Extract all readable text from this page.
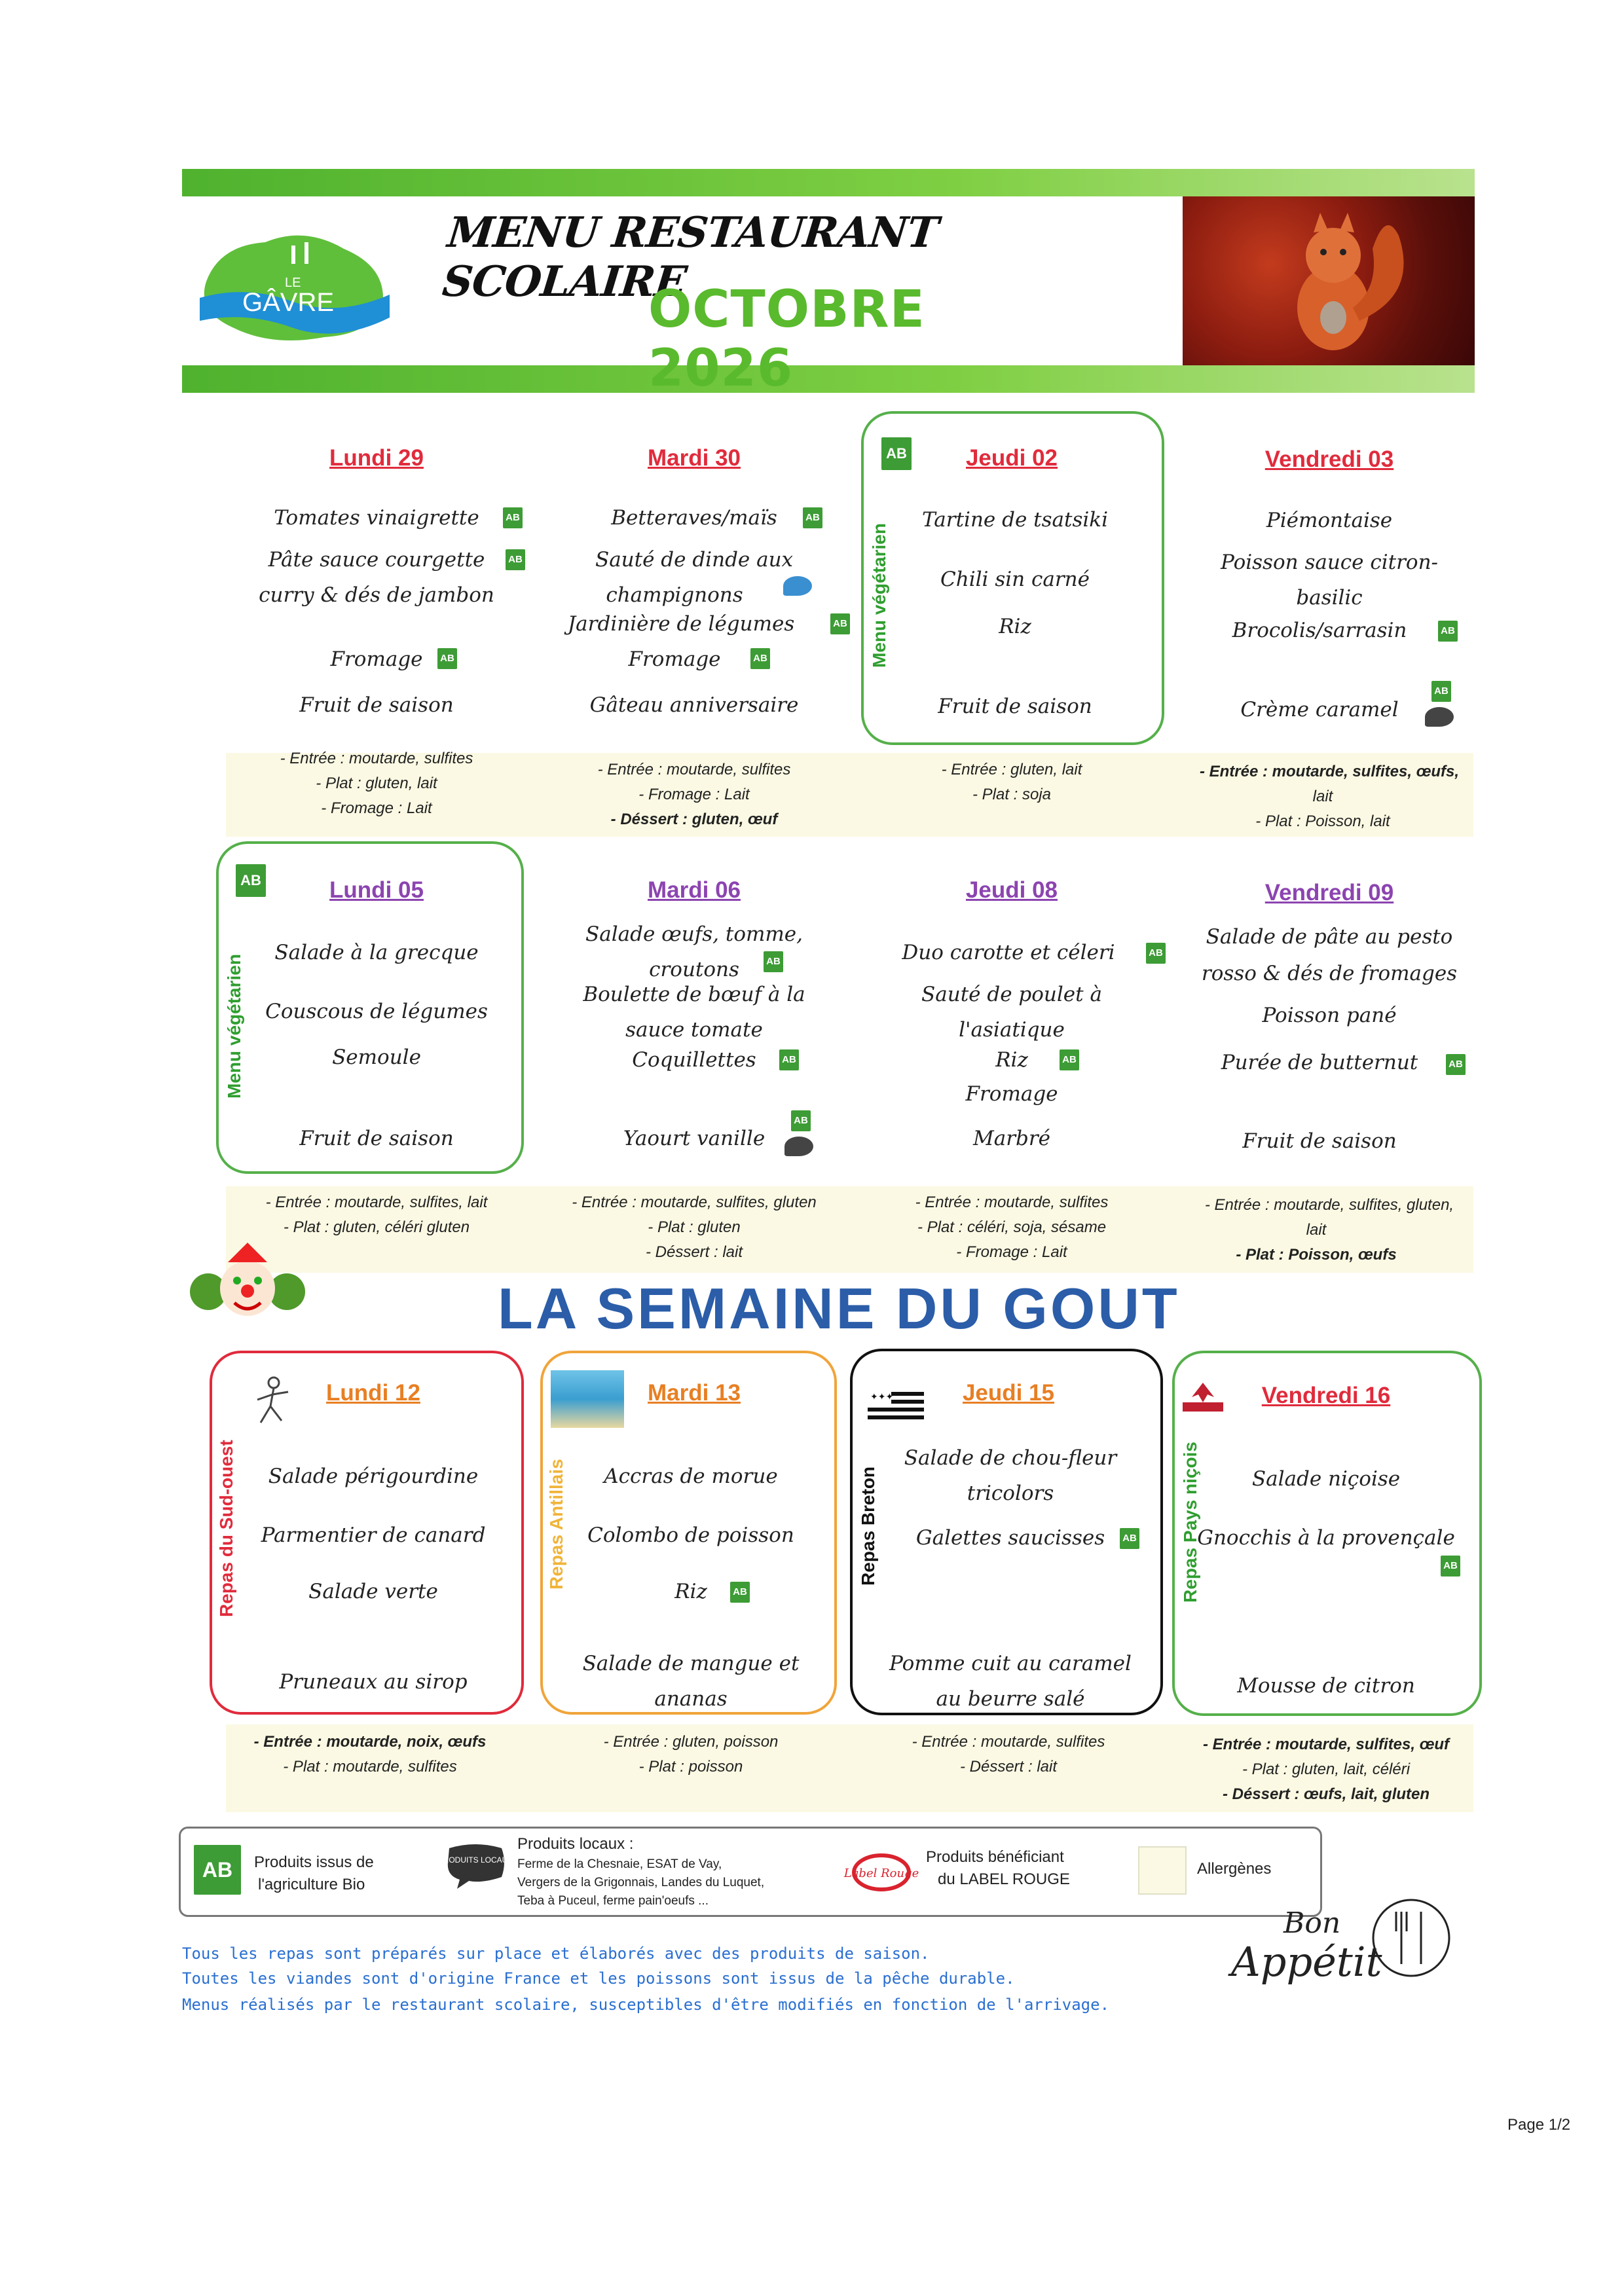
LE
GÂVRE
MENU RESTAURANT SCOLAIRE
OCTOBRE 2026
Lundi 29
Tomates vinaigrette	AB
Pâte sauce courgette	AB
curry & dés de jambon
Fromage	AB
Fruit de saison
Mardi 30
Betteraves/maïs	AB
Sauté de dinde aux
champignons
Jardinière de légumes	AB
Fromage	AB
Gâteau anniversaire
AB
Menu végétarien
Jeudi 02
Tartine de tsatsiki
Chili sin carné
Riz
Fruit de saison
Vendredi 03
Piémontaise
Poisson sauce citron-
basilic
Brocolis/sarrasin	AB
Crème caramel
AB
- Entrée : moutarde, sulfites
- Plat : gluten, lait
- Fromage : Lait
- Entrée : moutarde, sulfites
- Fromage : Lait
- Déssert : gluten, œuf
- Entrée : gluten, lait
- Plat : soja
- Entrée : moutarde, sulfites, œufs,
lait
- Plat : Poisson, lait
AB
Menu végétarien
Lundi 05
Salade à la grecque
Couscous de légumes
Semoule
Fruit de saison
Mardi 06
Salade œufs, tomme,
croutons	AB
Boulette de bœuf à la
sauce tomate
Coquillettes	AB
Yaourt vanille
AB
Jeudi 08
Duo carotte et céleri	AB
Sauté de poulet à
l'asiatique
Riz	AB
Fromage
Marbré
Vendredi 09
Salade de pâte au pesto
rosso & dés de fromages
Poisson pané
Purée de butternut	AB
Fruit de saison
- Entrée : moutarde, sulfites, lait
- Plat : gluten, céléri gluten
- Entrée : moutarde, sulfites, gluten
- Plat : gluten
- Déssert : lait
- Entrée : moutarde, sulfites
- Plat : céléri, soja, sésame
- Fromage : Lait
- Entrée : moutarde, sulfites, gluten,
lait
- Plat : Poisson, œufs
LA SEMAINE DU GOUT
Repas du Sud-ouest
Lundi 12
Salade périgourdine
Parmentier de canard
Salade verte
Pruneaux au sirop
Repas Antillais
Mardi 13
Accras de morue
Colombo de poisson
Riz	AB
Salade de mangue et
ananas
✦✦✦
Repas Breton
Jeudi 15
Salade de chou-fleur
tricolors
Galettes saucisses	AB
Pomme cuit au caramel
au beurre salé
Repas Pays niçois
Vendredi 16
Salade niçoise
Gnocchis à la provençale
AB
Mousse de citron
- Entrée : moutarde, noix, œufs
- Plat : moutarde, sulfites
- Entrée : gluten, poisson
- Plat : poisson
- Entrée : moutarde, sulfites
- Déssert : lait
- Entrée : moutarde, sulfites, œuf
- Plat : gluten, lait, céléri
- Déssert : œufs, lait, gluten
AB	Produits issus de
l'agriculture Bio
PRODUITS LOCAUX
Produits locaux :
Ferme de la Chesnaie, ESAT de Vay,
Vergers de la Grigonnais, Landes du Luquet,
Teba à Puceul, ferme pain'oeufs ...
Label Rouge
Produits bénéficiant
du LABEL ROUGE
Allergènes
Tous les repas sont préparés sur place et élaborés avec des produits de saison.
Toutes les viandes sont d'origine France et les poissons sont issus de la pêche durable.
Menus réalisés par le restaurant scolaire, susceptibles d'être modifiés en fonction de l'arrivage.
Bon
Appétit
Page 1/2
